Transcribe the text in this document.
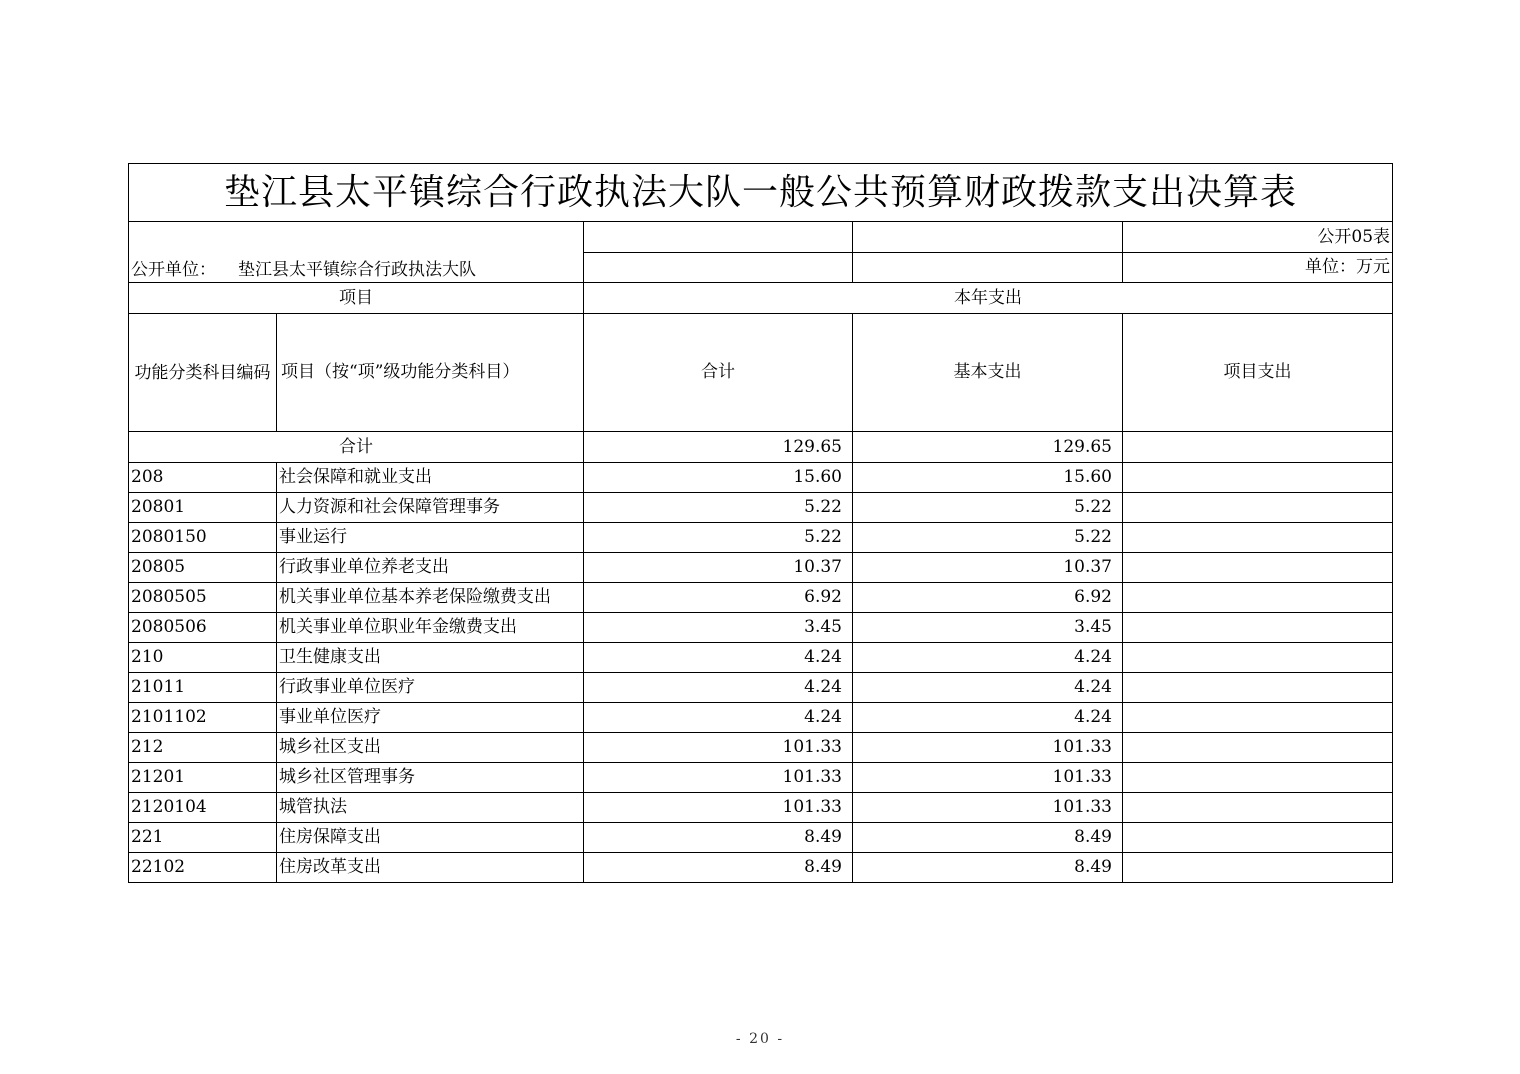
垫江县太平镇综合行政执法大队一般公共预算财政拨款支出决算表				
公开单位： 垫江县太平镇综合行政执法大队				公开05表
				单位：万元
项目		本年支出		
功能分类科目编码	项目（按“项”级功能分类科目）	合计	基本支出	项目支出
合计		129.65	129.65	
208	社会保障和就业支出	15.60	15.60	
20801	人力资源和社会保障管理事务	5.22	5.22	
2080150	事业运行	5.22	5.22	
20805	行政事业单位养老支出	10.37	10.37	
2080505	机关事业单位基本养老保险缴费支出	6.92	6.92	
2080506	机关事业单位职业年金缴费支出	3.45	3.45	
210	卫生健康支出	4.24	4.24	
21011	行政事业单位医疗	4.24	4.24	
2101102	事业单位医疗	4.24	4.24	
212	城乡社区支出	101.33	101.33	
21201	城乡社区管理事务	101.33	101.33	
2120104	城管执法	101.33	101.33	
221	住房保障支出	8.49	8.49	
22102	住房改革支出	8.49	8.49	
- 20 -
